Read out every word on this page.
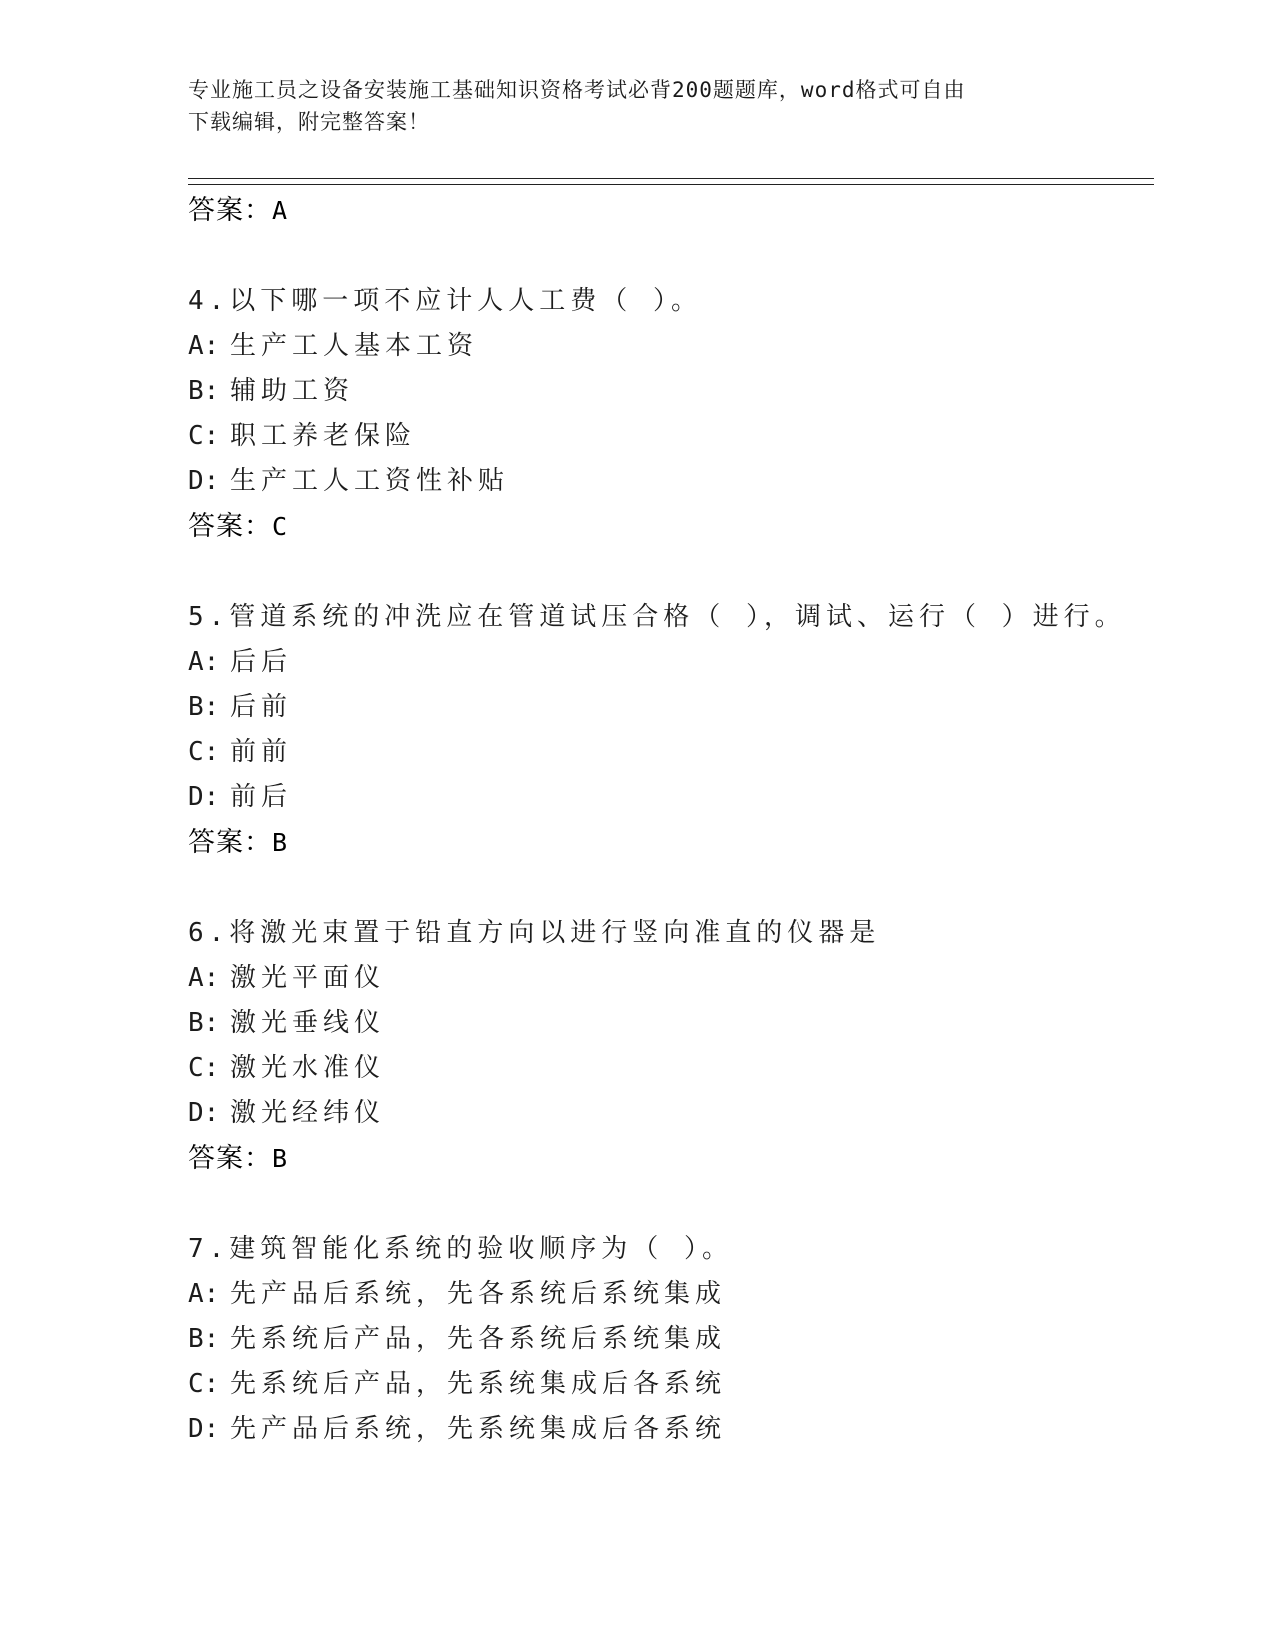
专业施工员之设备安装施工基础知识资格考试必背200题题库，word格式可自由
下载编辑，附完整答案！
答案：A
4.以下哪一项不应计人人工费（ ）。
A: 生产工人基本工资
B: 辅助工资
C: 职工养老保险
D: 生产工人工资性补贴
答案：C
5.管道系统的冲洗应在管道试压合格（ ），调试、运行（ ）进行。
A: 后后
B: 后前
C: 前前
D: 前后
答案：B
6.将激光束置于铅直方向以进行竖向准直的仪器是
A: 激光平面仪
B: 激光垂线仪
C: 激光水准仪
D: 激光经纬仪
答案：B
7.建筑智能化系统的验收顺序为（ ）。
A: 先产品后系统，先各系统后系统集成
B: 先系统后产品，先各系统后系统集成
C: 先系统后产品，先系统集成后各系统
D: 先产品后系统，先系统集成后各系统
